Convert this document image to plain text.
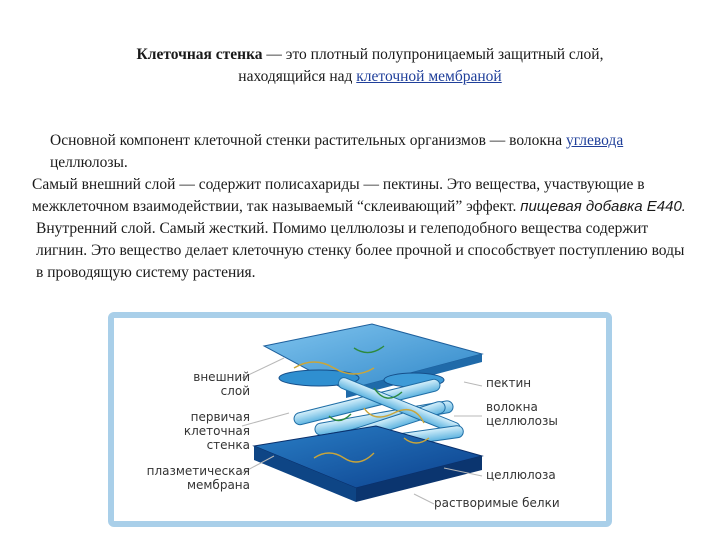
Клеточная стенка — это плотный полупроницаемый защитный слой,
находящийся над клеточной мембраной

Основной компонент клеточной стенки растительных организмов — волокна углевода целлюлозы.

Самый внешний слой — содержит полисахариды — пектины. Это вещества, участвующие в межклеточном взаимодействии, так называемый “склеивающий” эффект. пищевая добавка E440.

Внутренний слой. Самый жесткий. Помимо целлюлозы и гелеподобного вещества содержит лигнин. Это вещество делает клеточную стенку более прочной и способствует поступлению воды в проводящую систему растения.

внешний
слой
первичая
клеточная
стенка
плазметическая
мембрана
пектин
волокна
целлюлозы
целлюлоза
растворимые белки
